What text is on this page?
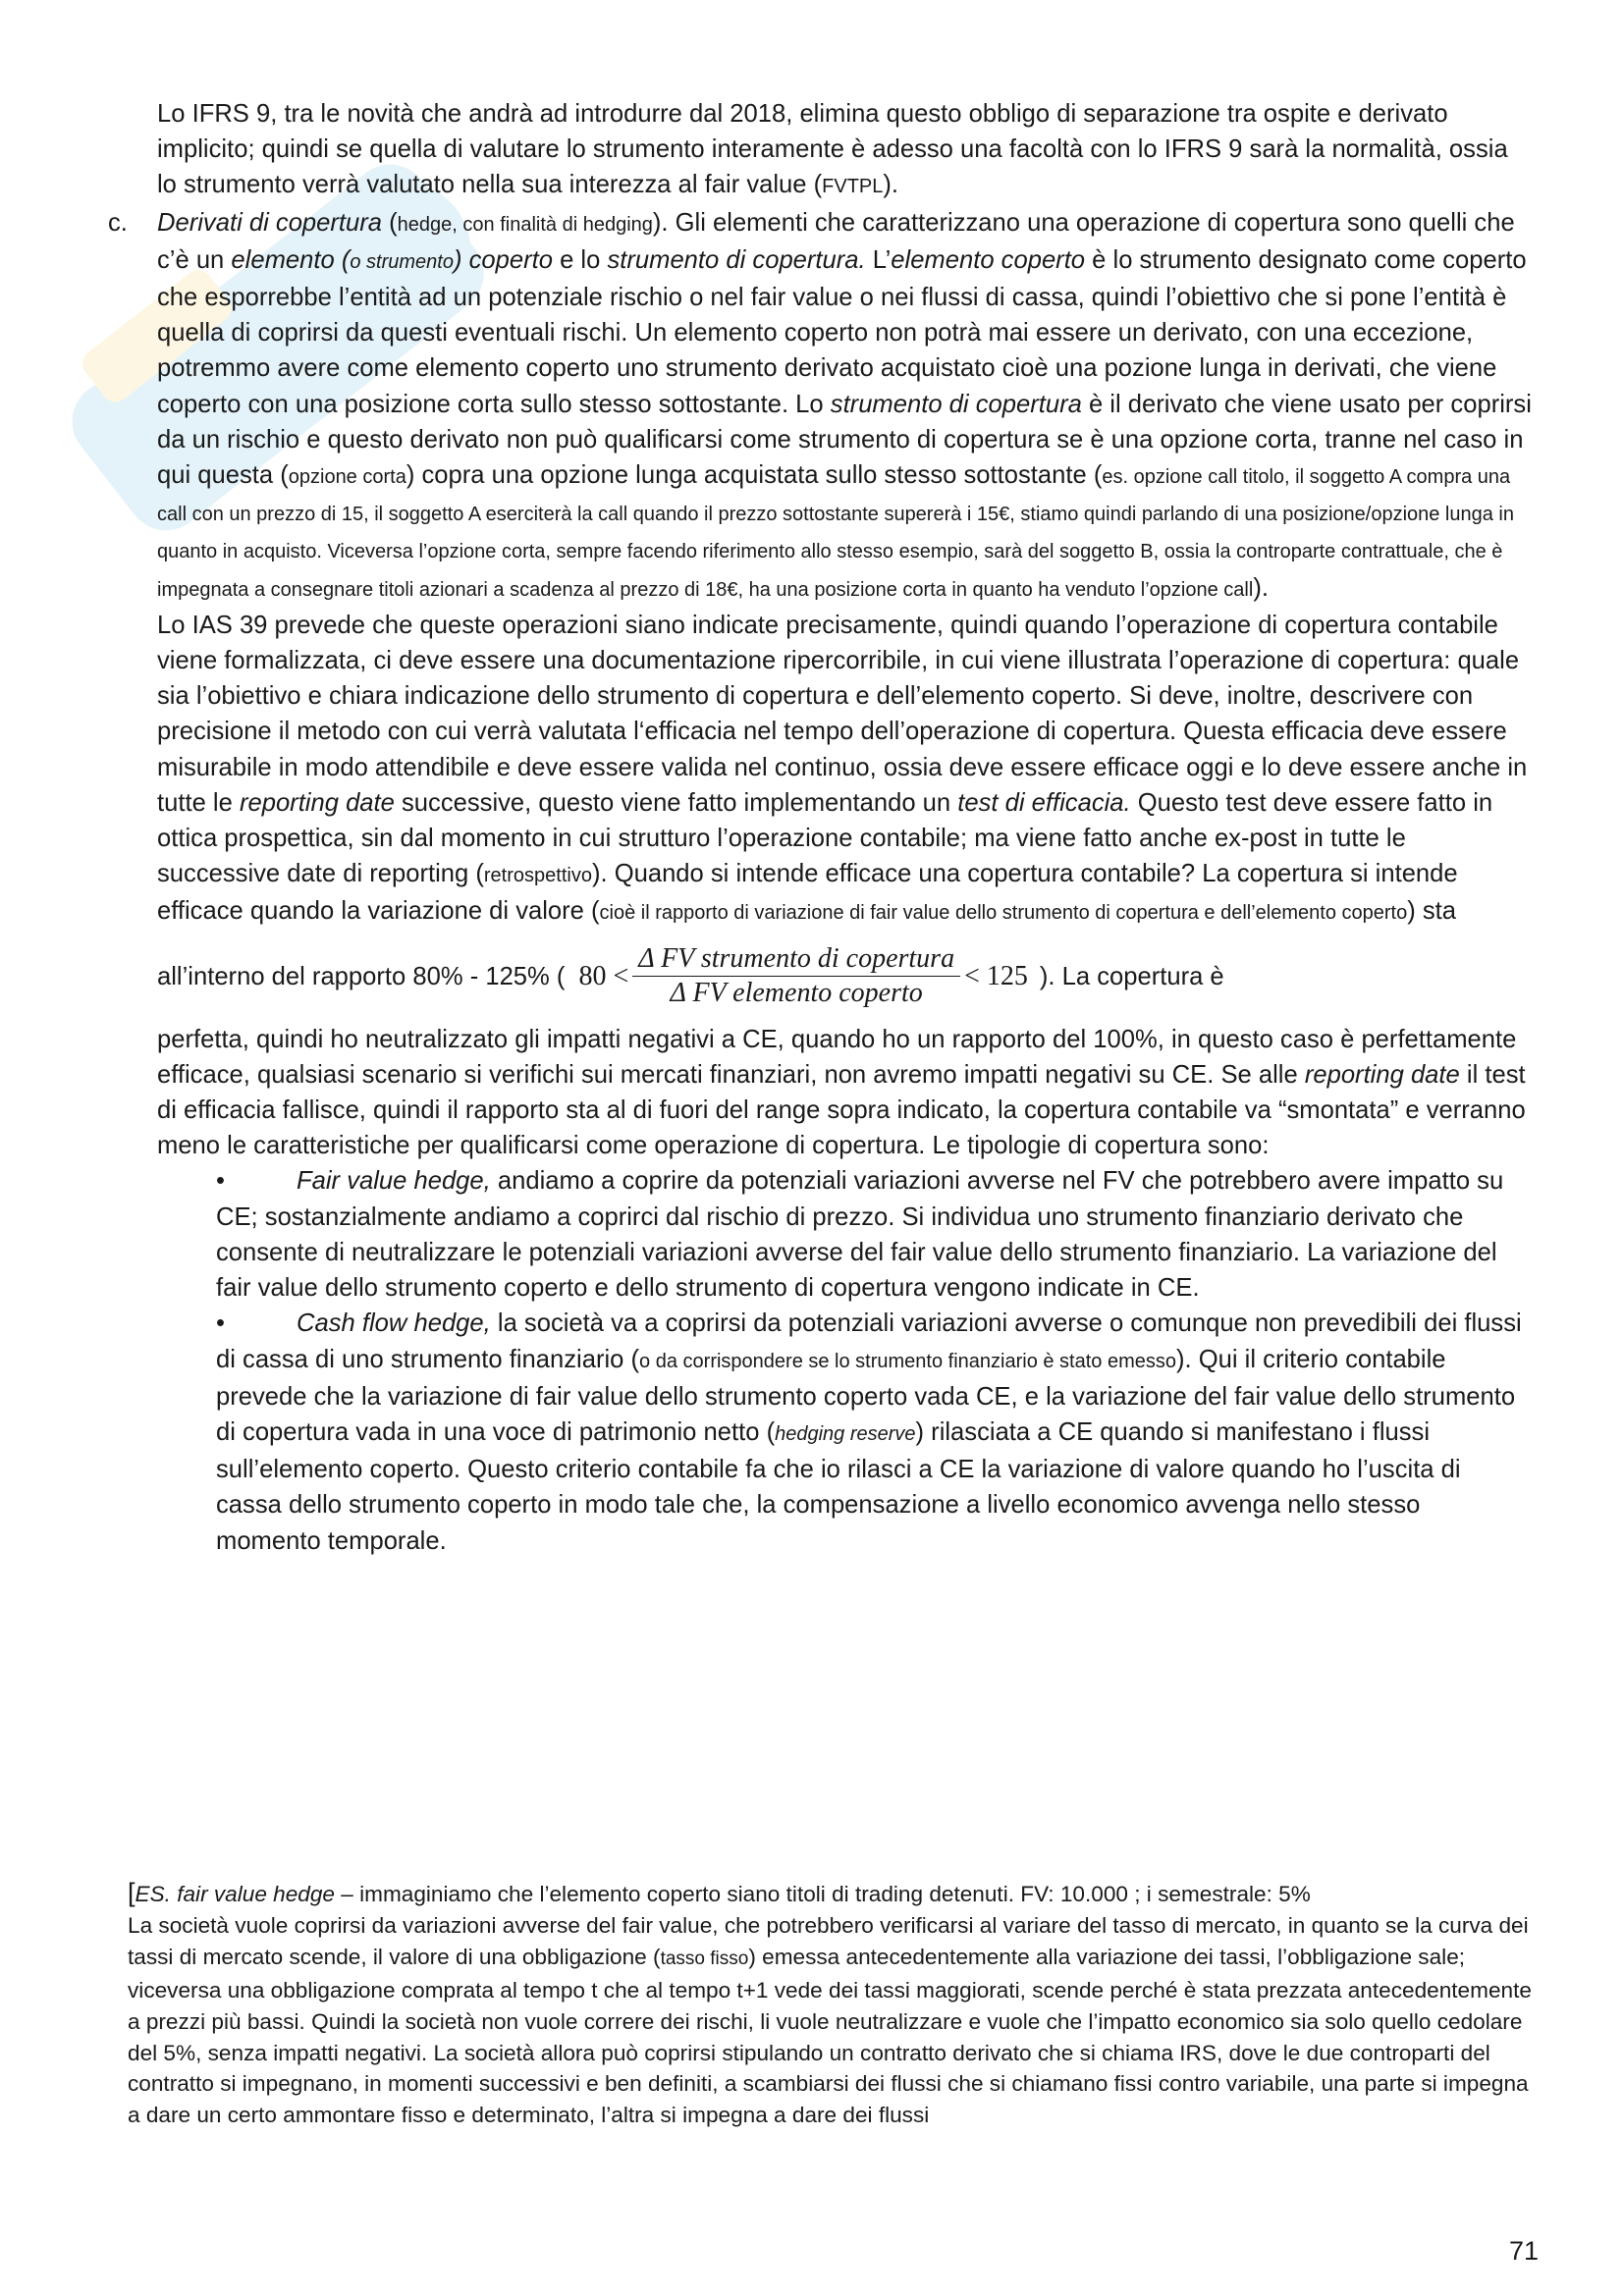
Lo IFRS 9, tra le novità che andrà ad introdurre dal 2018, elimina questo obbligo di separazione tra ospite e derivato implicito; quindi se quella di valutare lo strumento interamente è adesso una facoltà con lo IFRS 9 sarà la normalità, ossia lo strumento verrà valutato nella sua interezza al fair value (FVTPL).

c. Derivati di copertura (hedge, con finalità di hedging). Gli elementi che caratterizzano una operazione di copertura sono quelli che c’è un elemento (o strumento) coperto e lo strumento di copertura. L’elemento coperto è lo strumento designato come coperto che esporrebbe l’entità ad un potenziale rischio o nel fair value o nei flussi di cassa, quindi l’obiettivo che si pone l’entità è quella di coprirsi da questi eventuali rischi. Un elemento coperto non potrà mai essere un derivato, con una eccezione, potremmo avere come elemento coperto uno strumento derivato acquistato cioè una pozione lunga in derivati, che viene coperto con una posizione corta sullo stesso sottostante. Lo strumento di copertura è il derivato che viene usato per coprirsi da un rischio e questo derivato non può qualificarsi come strumento di copertura se è una opzione corta, tranne nel caso in qui questa (opzione corta) copra una opzione lunga acquistata sullo stesso sottostante (es. opzione call titolo, il soggetto A compra una call con un prezzo di 15, il soggetto A eserciterà la call quando il prezzo sottostante supererà i 15€, stiamo quindi parlando di una posizione/opzione lunga in quanto in acquisto. Viceversa l’opzione corta, sempre facendo riferimento allo stesso esempio, sarà del soggetto B, ossia la controparte contrattuale, che è impegnata a consegnare titoli azionari a scadenza al prezzo di 18€, ha una posizione corta in quanto ha venduto l’opzione call).

Lo IAS 39 prevede che queste operazioni siano indicate precisamente, quindi quando l’operazione di copertura contabile viene formalizzata, ci deve essere una documentazione ripercorribile, in cui viene illustrata l’operazione di copertura: quale sia l’obiettivo e chiara indicazione dello strumento di copertura e dell’elemento coperto. Si deve, inoltre, descrivere con precisione il metodo con cui verrà valutata l‘efficacia nel tempo dell’operazione di copertura. Questa efficacia deve essere misurabile in modo attendibile e deve essere valida nel continuo, ossia deve essere efficace oggi e lo deve essere anche in tutte le reporting date successive, questo viene fatto implementando un test di efficacia. Questo test deve essere fatto in ottica prospettica, sin dal momento in cui strutturo l’operazione contabile; ma viene fatto anche ex-post in tutte le successive date di reporting (retrospettivo). Quando si intende efficace una copertura contabile? La copertura si intende efficace quando la variazione di valore (cioè il rapporto di variazione di fair value dello strumento di copertura e dell’elemento coperto) sta

all’interno del rapporto 80% - 125% ( $80 < \frac{\text{Δ FV strumento di copertura}}{\text{Δ FV elemento coperto}} < 125$ ). La copertura è

perfetta, quindi ho neutralizzato gli impatti negativi a CE, quando ho un rapporto del 100%, in questo caso è perfettamente efficace, qualsiasi scenario si verifichi sui mercati finanziari, non avremo impatti negativi su CE. Se alle reporting date il test di efficacia fallisce, quindi il rapporto sta al di fuori del range sopra indicato, la copertura contabile va “smontata” e verranno meno le caratteristiche per qualificarsi come operazione di copertura. Le tipologie di copertura sono:

•	Fair value hedge, andiamo a coprire da potenziali variazioni avverse nel FV che potrebbero avere impatto su CE; sostanzialmente andiamo a coprirci dal rischio di prezzo. Si individua uno strumento finanziario derivato che consente di neutralizzare le potenziali variazioni avverse del fair value dello strumento finanziario. La variazione del fair value dello strumento coperto e dello strumento di copertura vengono indicate in CE.

•	Cash flow hedge, la società va a coprirsi da potenziali variazioni avverse o comunque non prevedibili dei flussi di cassa di uno strumento finanziario (o da corrispondere se lo strumento finanziario è stato emesso). Qui il criterio contabile prevede che la variazione di fair value dello strumento coperto vada CE, e la variazione del fair value dello strumento di copertura vada in una voce di patrimonio netto (hedging reserve) rilasciata a CE quando si manifestano i flussi sull’elemento coperto. Questo criterio contabile fa che io rilasci a CE la variazione di valore quando ho l’uscita di cassa dello strumento coperto in modo tale che, la compensazione a livello economico avvenga nello stesso momento temporale.

[ES. fair value hedge – immaginiamo che l’elemento coperto siano titoli di trading detenuti. FV: 10.000 ; i semestrale: 5%

La società vuole coprirsi da variazioni avverse del fair value, che potrebbero verificarsi al variare del tasso di mercato, in quanto se la curva dei tassi di mercato scende, il valore di una obbligazione (tasso fisso) emessa antecedentemente alla variazione dei tassi, l’obbligazione sale; viceversa una obbligazione comprata al tempo t che al tempo t+1 vede dei tassi maggiorati, scende perché è stata prezzata antecedentemente a prezzi più bassi. Quindi la società non vuole correre dei rischi, li vuole neutralizzare e vuole che l’impatto economico sia solo quello cedolare del 5%, senza impatti negativi. La società allora può coprirsi stipulando un contratto derivato che si chiama IRS, dove le due controparti del contratto si impegnano, in momenti successivi e ben definiti, a scambiarsi dei flussi che si chiamano fissi contro variabile, una parte si impegna a dare un certo ammontare fisso e determinato, l’altra si impegna a dare dei flussi

71
